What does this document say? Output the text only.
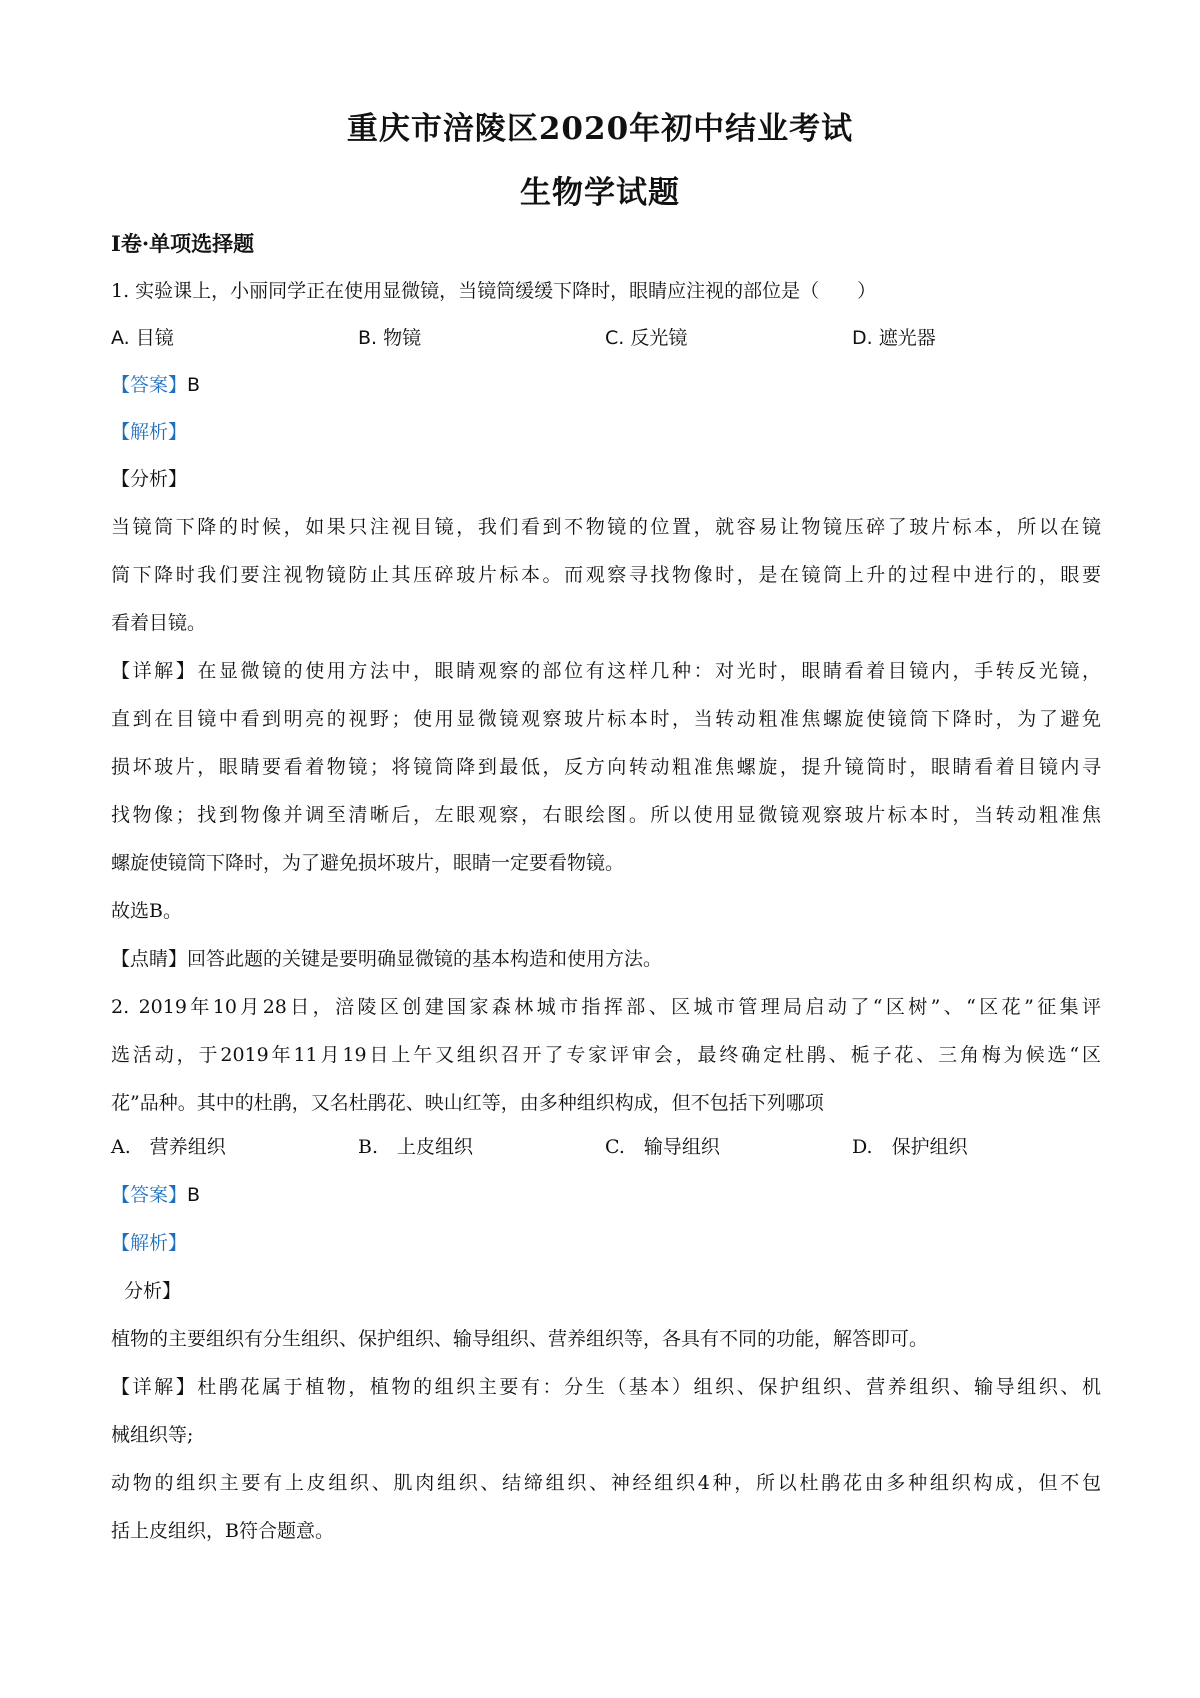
重庆市涪陵区2020年初中结业考试
生物学试题
Ⅰ卷·单项选择题
1. 实验课上，小丽同学正在使用显微镜，当镜筒缓缓下降时，眼睛应注视的部位是（　　）
A. 目镜	B. 物镜	C. 反光镜	D. 遮光器
【答案】B
【解析】
【分析】
当镜筒下降的时候，如果只注视目镜，我们看到不物镜的位置，就容易让物镜压碎了玻片标本，所以在镜
筒下降时我们要注视物镜防止其压碎玻片标本。而观察寻找物像时，是在镜筒上升的过程中进行的，眼要
看着目镜。
【详解】在显微镜的使用方法中，眼睛观察的部位有这样几种：对光时，眼睛看着目镜内，手转反光镜，
直到在目镜中看到明亮的视野；使用显微镜观察玻片标本时，当转动粗准焦螺旋使镜筒下降时，为了避免
损坏玻片，眼睛要看着物镜；将镜筒降到最低，反方向转动粗准焦螺旋，提升镜筒时，眼睛看着目镜内寻
找物像；找到物像并调至清晰后，左眼观察，右眼绘图。所以使用显微镜观察玻片标本时，当转动粗准焦
螺旋使镜筒下降时，为了避免损坏玻片，眼睛一定要看物镜。
故选B。
【点睛】回答此题的关键是要明确显微镜的基本构造和使用方法。
2. 2019年10月28日，涪陵区创建国家森林城市指挥部、区城市管理局启动了“区树”、“区花”征集评
选活动，于2019年11月19日上午又组织召开了专家评审会，最终确定杜鹃、栀子花、三角梅为候选“区
花”品种。其中的杜鹃，又名杜鹃花、映山红等，由多种组织构成，但不包括下列哪项
A.　营养组织	B.　上皮组织	C.　输导组织	D.　保护组织
【答案】B
【解析】
分析】
植物的主要组织有分生组织、保护组织、输导组织、营养组织等，各具有不同的功能，解答即可。
【详解】杜鹃花属于植物，植物的组织主要有：分生（基本）组织、保护组织、营养组织、输导组织、机
械组织等;
动物的组织主要有上皮组织、肌肉组织、结缔组织、神经组织4种，所以杜鹃花由多种组织构成，但不包
括上皮组织，B符合题意。
